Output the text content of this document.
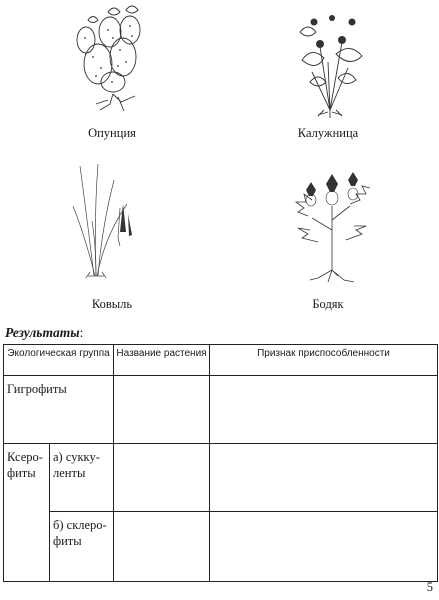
Опунция	Калужница
Ковыль	Бодяк
Результаты:
Экологическая группа		Название растения	Признак приспособленности
Гигрофиты			
Ксеро-фиты	а) сукку-ленты		
	б) склеро-фиты		
5
